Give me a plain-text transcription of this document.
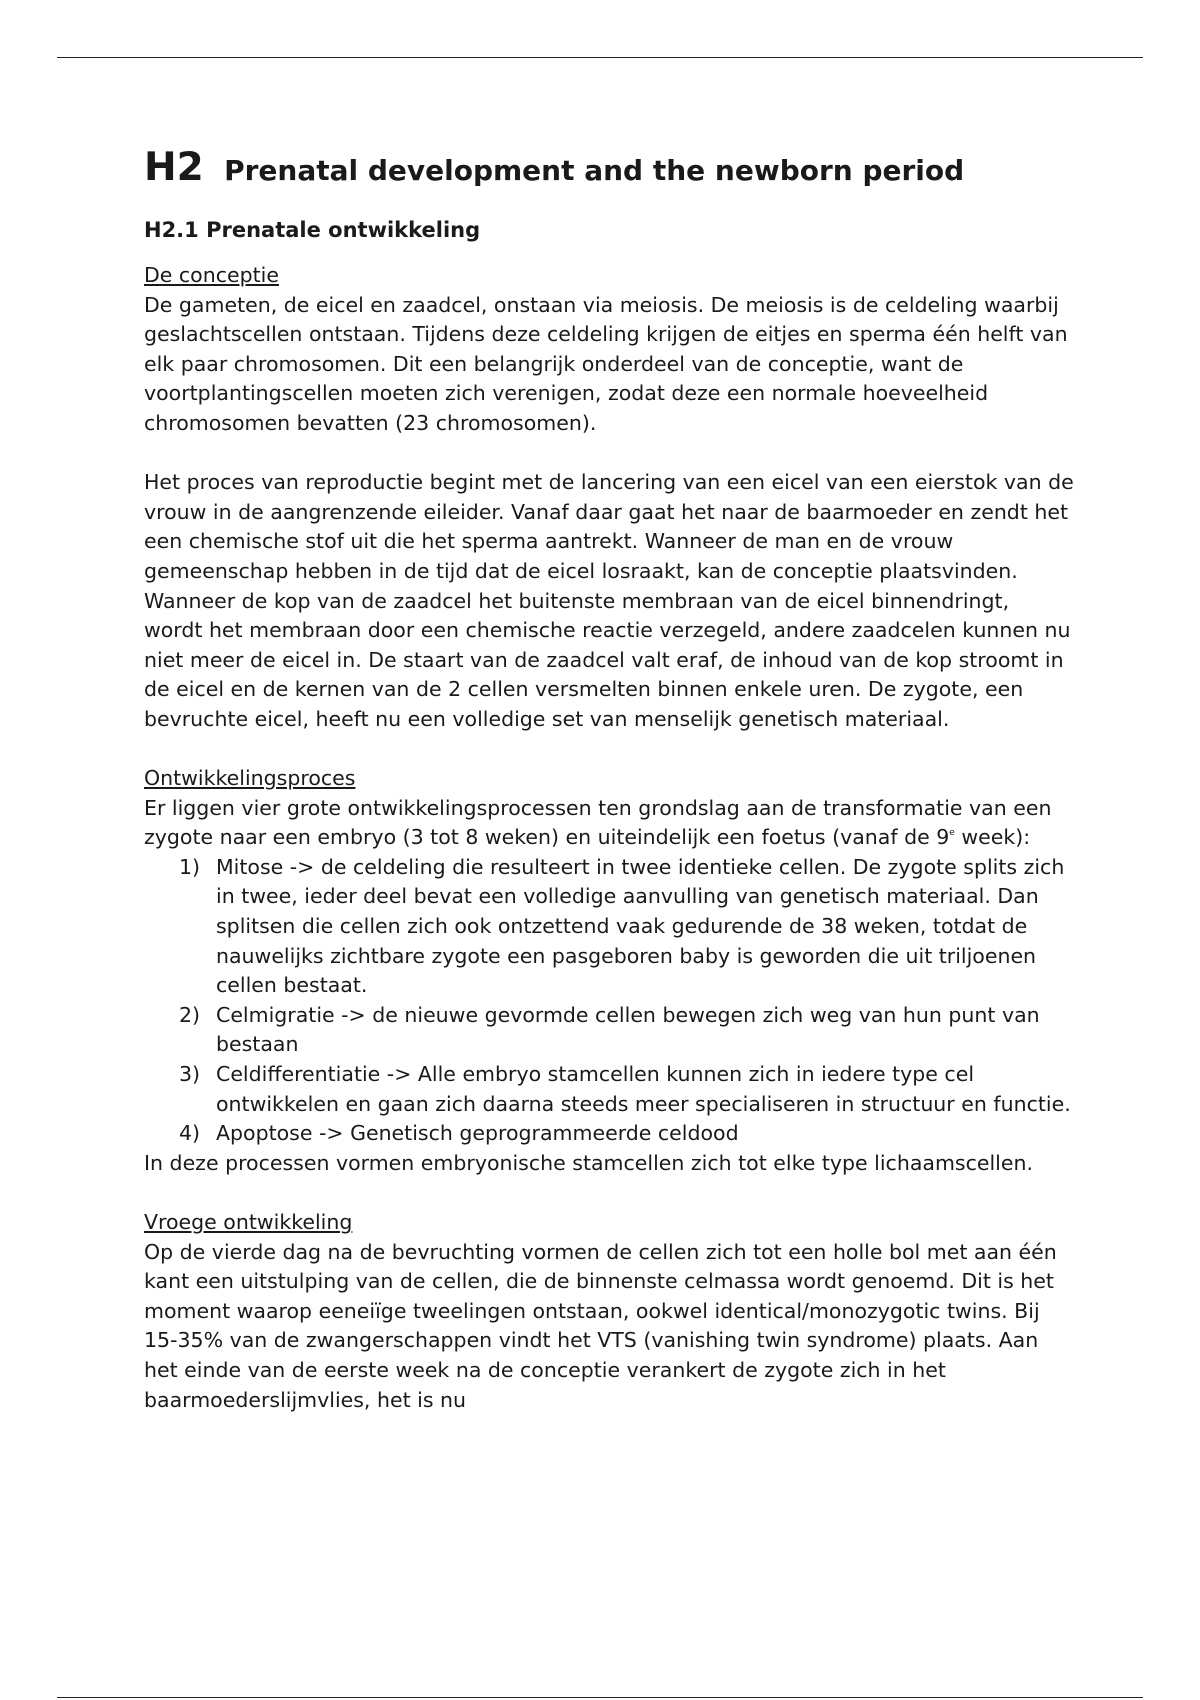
H2 Prenatal development and the newborn period
H2.1 Prenatale ontwikkeling
De conceptie

De gameten, de eicel en zaadcel, onstaan via meiosis. De meiosis is de celdeling waarbij geslachtscellen ontstaan. Tijdens deze celdeling krijgen de eitjes en sperma één helft van elk paar chromosomen. Dit een belangrijk onderdeel van de conceptie, want de voortplantingscellen moeten zich verenigen, zodat deze een normale hoeveelheid chromosomen bevatten (23 chromosomen).

Het proces van reproductie begint met de lancering van een eicel van een eierstok van de vrouw in de aangrenzende eileider. Vanaf daar gaat het naar de baarmoeder en zendt het een chemische stof uit die het sperma aantrekt. Wanneer de man en de vrouw gemeenschap hebben in de tijd dat de eicel losraakt, kan de conceptie plaatsvinden. Wanneer de kop van de zaadcel het buitenste membraan van de eicel binnendringt, wordt het membraan door een chemische reactie verzegeld, andere zaadcelen kunnen nu niet meer de eicel in. De staart van de zaadcel valt eraf, de inhoud van de kop stroomt in de eicel en de kernen van de 2 cellen versmelten binnen enkele uren. De zygote, een bevruchte eicel, heeft nu een volledige set van menselijk genetisch materiaal.

Ontwikkelingsproces

Er liggen vier grote ontwikkelingsprocessen ten grondslag aan de transformatie van een zygote naar een embryo (3 tot 8 weken) en uiteindelijk een foetus (vanaf de 9e week):

1) Mitose -> de celdeling die resulteert in twee identieke cellen. De zygote splits zich in twee, ieder deel bevat een volledige aanvulling van genetisch materiaal. Dan splitsen die cellen zich ook ontzettend vaak gedurende de 38 weken, totdat de nauwelijks zichtbare zygote een pasgeboren baby is geworden die uit triljoenen cellen bestaat.
2) Celmigratie -> de nieuwe gevormde cellen bewegen zich weg van hun punt van bestaan
3) Celdifferentiatie -> Alle embryo stamcellen kunnen zich in iedere type cel ontwikkelen en gaan zich daarna steeds meer specialiseren in structuur en functie.
4) Apoptose -> Genetisch geprogrammeerde celdood

In deze processen vormen embryonische stamcellen zich tot elke type lichaamscellen.

Vroege ontwikkeling

Op de vierde dag na de bevruchting vormen de cellen zich tot een holle bol met aan één kant een uitstulping van de cellen, die de binnenste celmassa wordt genoemd. Dit is het moment waarop eeneiïge tweelingen ontstaan, ookwel identical/monozygotic twins. Bij 15-35% van de zwangerschappen vindt het VTS (vanishing twin syndrome) plaats. Aan het einde van de eerste week na de conceptie verankert de zygote zich in het baarmoederslijmvlies, het is nu
